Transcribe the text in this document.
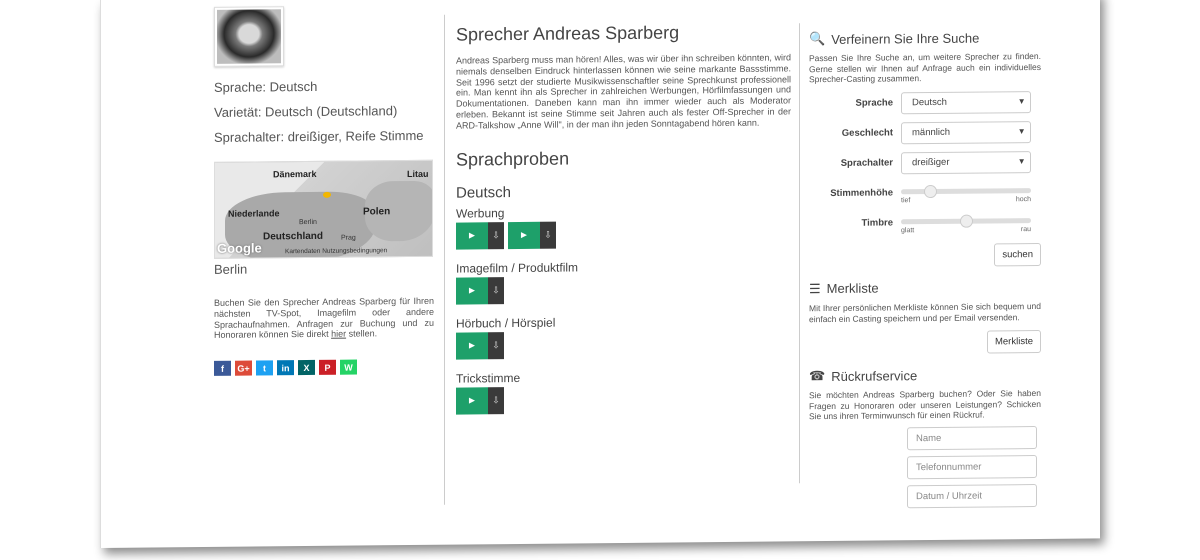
Sprache: Deutsch

Varietät: Deutsch (Deutschland)

Sprachalter: dreißiger, Reife Stimme

Dänemark	Litau
Niederlande
Berlin
Polen
Deutschland	Prag
Google	Kartendaten Nutzungsbedingungen
Berlin
Buchen Sie den Sprecher Andreas Sparberg für Ihren nächsten TV-Spot, Imagefilm oder andere Sprachaufnahmen. Anfragen zur Buchung und zu Honoraren können Sie direkt hier stellen.
f	G+	t	in	X	P	W
Sprecher Andreas Sparberg

Andreas Sparberg muss man hören! Alles, was wir über ihn schreiben könnten, wird niemals denselben Eindruck hinterlassen können wie seine markante Bassstimme. Seit 1996 setzt der studierte Musikwissenschaftler seine Sprechkunst professionell ein. Man kennt ihn als Sprecher in zahlreichen Werbungen, Hörfilmfassungen und Dokumentationen. Daneben kann man ihn immer wieder auch als Moderator erleben. Bekannt ist seine Stimme seit Jahren auch als fester Off-Sprecher in der ARD-Talkshow „Anne Will", in der man ihn jeden Sonntagabend hören kann.

Sprachproben
Deutsch
Werbung
►	⇩	►	⇩
Imagefilm / Produktfilm
►	⇩
Hörbuch / Hörspiel
►	⇩
Trickstimme
►	⇩
🔍 Verfeinern Sie Ihre Suche

Passen Sie Ihre Suche an, um weitere Sprecher zu finden. Gerne stellen wir Ihnen auf Anfrage auch ein individuelles Sprecher-Casting zusammen.

Sprache	Deutsch	▾
Geschlecht	männlich	▾
Sprachalter	dreißiger	▾
Stimmenhöhe
tief	hoch
Timbre
glatt	rau
suchen
☰ Merkliste

Mit Ihrer persönlichen Merkliste können Sie sich bequem und einfach ein Casting speichern und per Email versenden.

Merkliste
☎ Rückrufservice

Sie möchten Andreas Sparberg buchen? Oder Sie haben Fragen zu Honoraren oder unseren Leistungen? Schicken Sie uns ihren Terminwunsch für einen Rückruf.

Name
Telefonnummer
Datum / Uhrzeit
